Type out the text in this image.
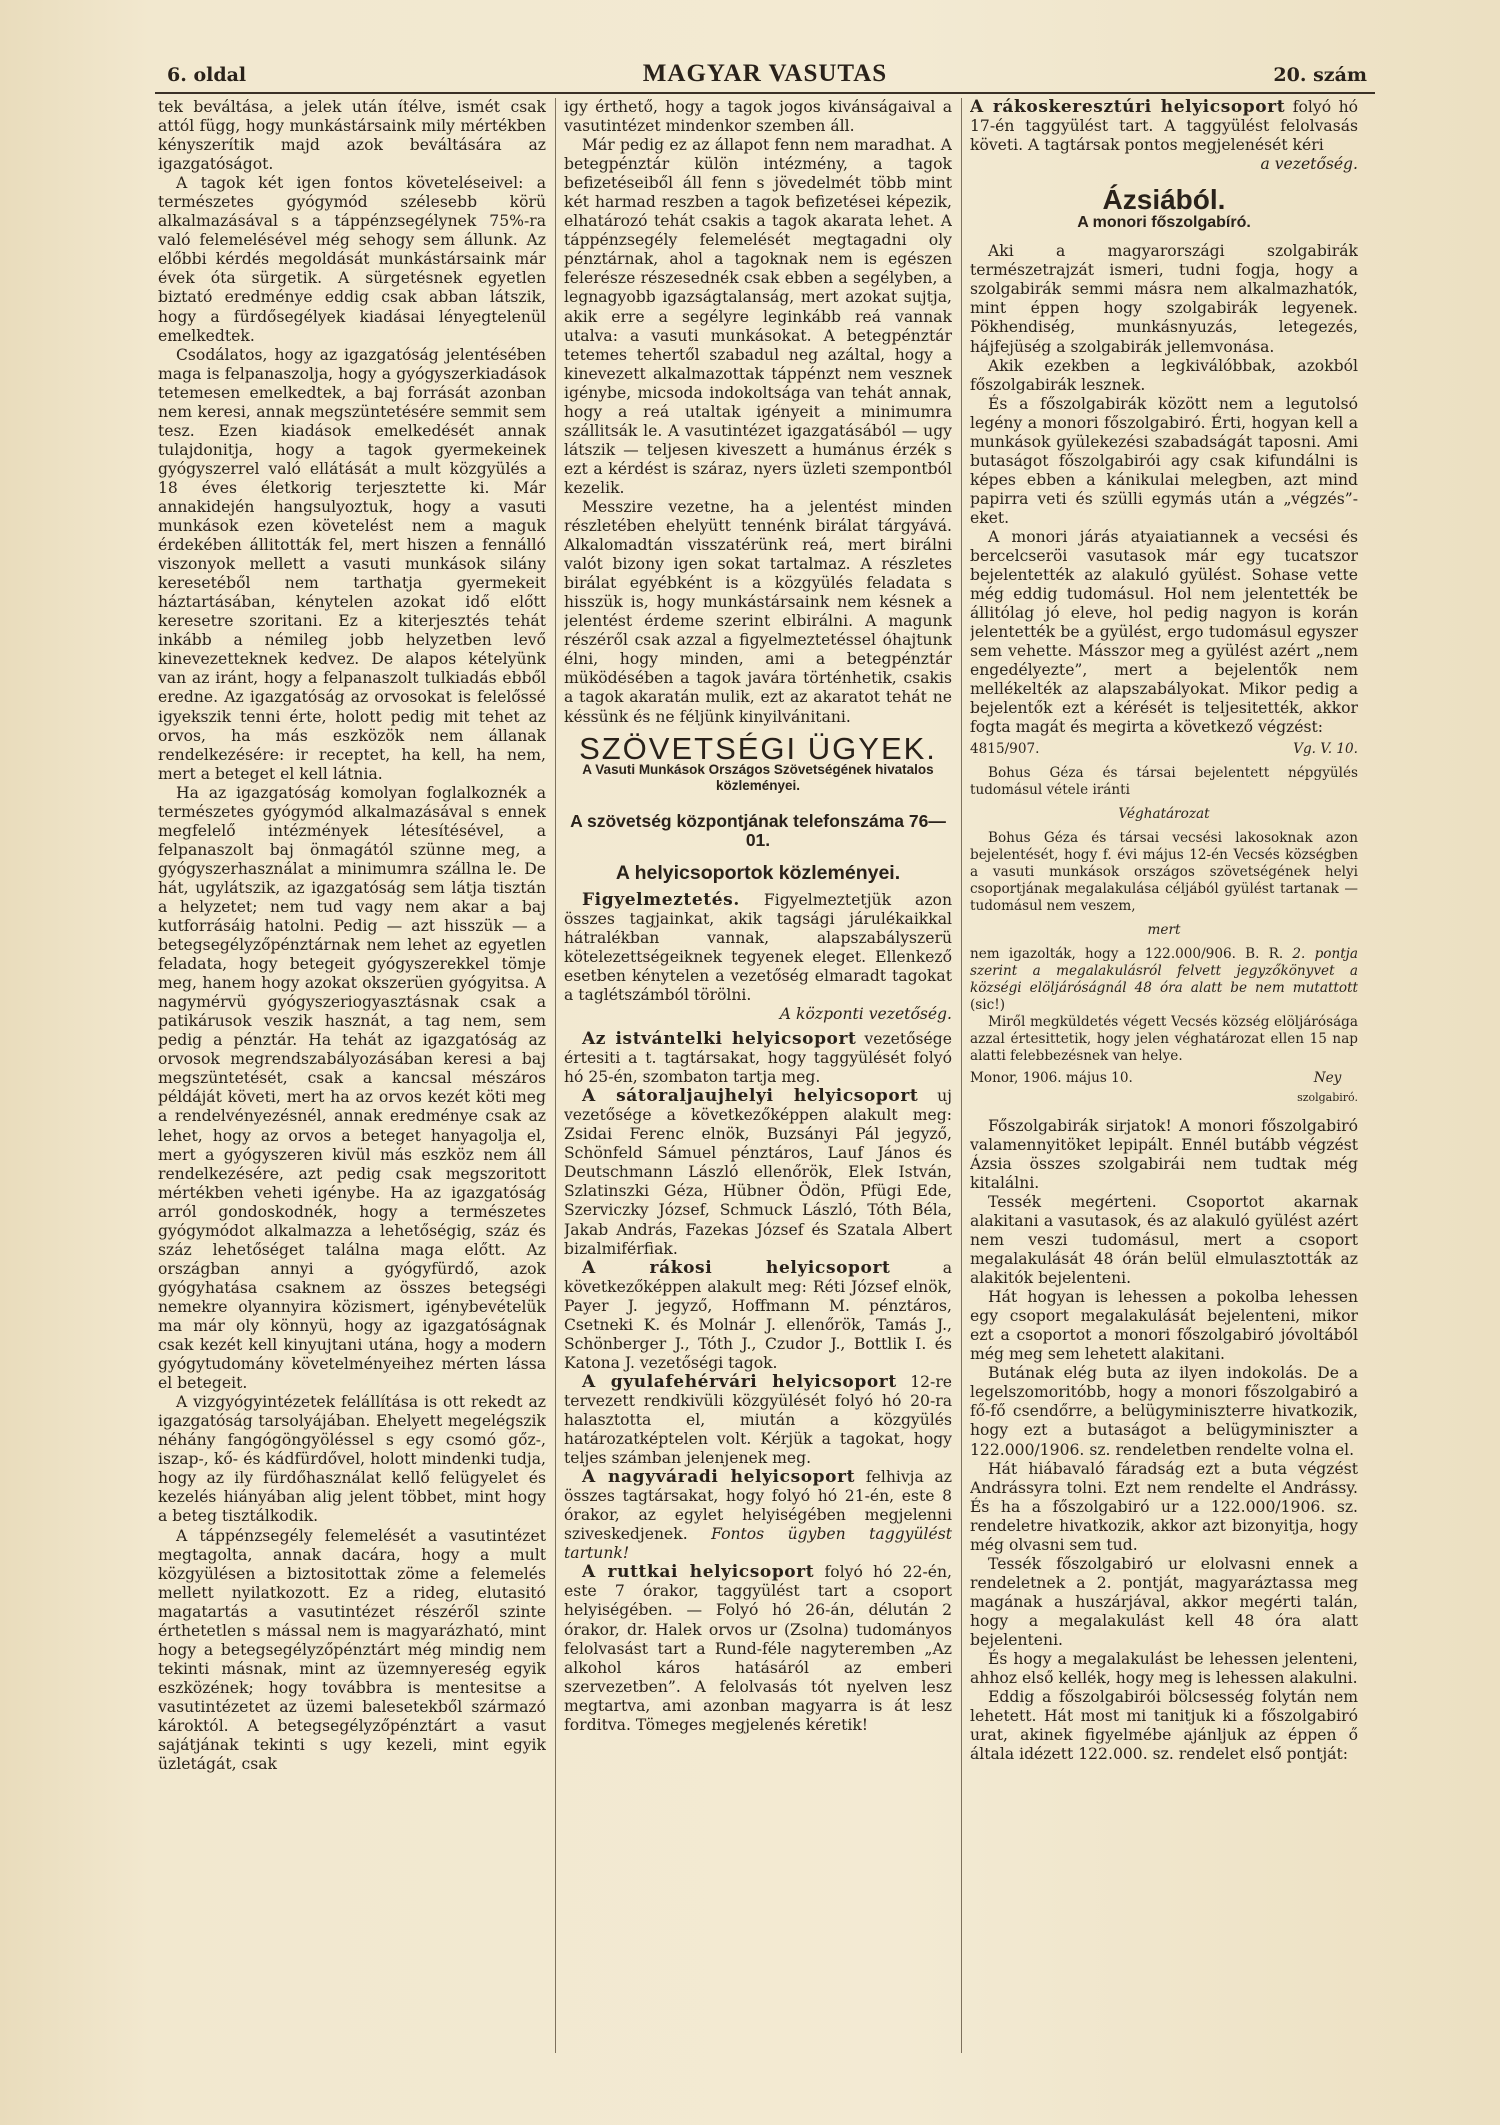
6. oldal	MAGYAR VASUTAS	20. szám

tek beváltása, a jelek után ítélve, ismét csak attól függ, hogy munkástársaink mily mértékben kényszerítik majd azok beváltására az igazgatóságot.

A tagok két igen fontos követeléseivel: a természetes gyógymód szélesebb körü alkalmazásával s a táppénzsegélynek 75%-ra való felemelésével még sehogy sem állunk. Az előbbi kérdés megoldását munkástársaink már évek óta sürgetik. A sürgetésnek egyetlen biztató eredménye eddig csak abban látszik, hogy a fürdősegélyek kiadásai lényegtelenül emelkedtek.

Csodálatos, hogy az igazgatóság jelentésében maga is felpanaszolja, hogy a gyógyszerkiadások tetemesen emelkedtek, a baj forrását azonban nem keresi, annak megszüntetésére semmit sem tesz. Ezen kiadások emelkedését annak tulajdonitja, hogy a tagok gyermekeinek gyógyszerrel való ellátását a mult közgyülés a 18 éves életkorig terjesztette ki. Már annakidején hangsulyoztuk, hogy a vasuti munkások ezen követelést nem a maguk érdekében állitották fel, mert hiszen a fennálló viszonyok mellett a vasuti munkások silány keresetéből nem tarthatja gyermekeit háztartásában, kénytelen azokat idő előtt keresetre szoritani. Ez a kiterjesztés tehát inkább a némileg jobb helyzetben levő kinevezetteknek kedvez. De alapos kételyünk van az iránt, hogy a felpanaszolt tulkiadás ebből eredne. Az igazgatóság az orvosokat is felelőssé igyekszik tenni érte, holott pedig mit tehet az orvos, ha más eszközök nem állanak rendelkezésére: ir receptet, ha kell, ha nem, mert a beteget el kell látnia.

Ha az igazgatóság komolyan foglalkoznék a természetes gyógymód alkalmazásával s ennek megfelelő intézmények létesítésével, a felpanaszolt baj önmagától szünne meg, a gyógyszerhasználat a minimumra szállna le. De hát, ugylátszik, az igazgatóság sem látja tisztán a helyzetet; nem tud vagy nem akar a baj kutforrásáig hatolni. Pedig — azt hisszük — a betegsegélyzőpénztárnak nem lehet az egyetlen feladata, hogy betegeit gyógyszerekkel tömje meg, hanem hogy azokat okszerüen gyógyitsa. A nagymérvü gyógyszeriogyasztásnak csak a patikárusok veszik hasznát, a tag nem, sem pedig a pénztár. Ha tehát az igazgatóság az orvosok megrendszabályozásában keresi a baj megszüntetését, csak a kancsal mészáros példáját követi, mert ha az orvos kezét köti meg a rendelvényezésnél, annak eredménye csak az lehet, hogy az orvos a beteget hanyagolja el, mert a gyógyszeren kivül más eszköz nem áll rendelkezésére, azt pedig csak megszoritott mértékben veheti igénybe. Ha az igazgatóság arról gondoskodnék, hogy a természetes gyógymódot alkalmazza a lehetőségig, száz és száz lehetőséget találna maga előtt. Az országban annyi a gyógyfürdő, azok gyógyhatása csaknem az összes betegségi nemekre olyannyira közismert, igénybevételük ma már oly könnyü, hogy az igazgatóságnak csak kezét kell kinyujtani utána, hogy a modern gyógytudomány követelményeihez mérten lássa el betegeit.

A vizgyógyintézetek felállítása is ott rekedt az igazgatóság tarsolyájában. Ehelyett megelégszik néhány fangógöngyöléssel s egy csomó gőz-, iszap-, kő- és kádfürdővel, holott mindenki tudja, hogy az ily fürdőhasználat kellő felügyelet és kezelés hiányában alig jelent többet, mint hogy a beteg tisztálkodik.

A táppénzsegély felemelését a vasutintézet megtagolta, annak dacára, hogy a mult közgyülésen a biztositottak zöme a felemelés mellett nyilatkozott. Ez a rideg, elutasitó magatartás a vasutintézet részéről szinte érthetetlen s mással nem is magyarázható, mint hogy a betegsegélyzőpénztárt még mindig nem tekinti másnak, mint az üzemnyereség egyik eszközének; hogy továbbra is mentesitse a vasutintézetet az üzemi balesetekből származó károktól. A betegsegélyzőpénztárt a vasut sajátjának tekinti s ugy kezeli, mint egyik üzletágát, csak

igy érthető, hogy a tagok jogos kivánságaival a vasutintézet mindenkor szemben áll.

Már pedig ez az állapot fenn nem maradhat. A betegpénztár külön intézmény, a tagok befizetéseiből áll fenn s jövedelmét több mint két harmad reszben a tagok befizetései képezik, elhatározó tehát csakis a tagok akarata lehet. A táppénzsegély felemelését megtagadni oly pénztárnak, ahol a tagoknak nem is egészen felerésze részesednék csak ebben a segélyben, a legnagyobb igazságtalanság, mert azokat sujtja, akik erre a segélyre leginkább reá vannak utalva: a vasuti munkásokat. A betegpénztár tetemes tehertől szabadul neg azáltal, hogy a kinevezett alkalmazottak táppénzt nem vesznek igénybe, micsoda indokoltsága van tehát annak, hogy a reá utaltak igényeit a minimumra szállitsák le. A vasutintézet igazgatásából — ugy látszik — teljesen kiveszett a humánus érzék s ezt a kérdést is száraz, nyers üzleti szempontból kezelik.

Messzire vezetne, ha a jelentést minden részletében ehelyütt tennénk birálat tárgyává. Alkalomadtán visszatérünk reá, mert birálni valót bizony igen sokat tartalmaz. A részletes birálat egyébként is a közgyülés feladata s hisszük is, hogy munkástársaink nem késnek a jelentést érdeme szerint elbirálni. A magunk részéről csak azzal a figyelmeztetéssel óhajtunk élni, hogy minden, ami a betegpénztár müködésében a tagok javára történhetik, csakis a tagok akaratán mulik, ezt az akaratot tehát ne késsünk és ne féljünk kinyilvánitani.

SZÖVETSÉGI ÜGYEK.
A Vasuti Munkások Országos Szövetségének hivatalos közleményei.
A szövetség központjának telefonszáma 76—01.
A helyicsoportok közleményei.

Figyelmeztetés. Figyelmeztetjük azon összes tagjainkat, akik tagsági járulékaikkal hátralékban vannak, alapszabályszerü kötelezettségeiknek tegyenek eleget. Ellenkező esetben kénytelen a vezetőség elmaradt tagokat a taglétszámból törölni.

A központi vezetőség.

Az istvántelki helyicsoport vezetősége értesiti a t. tagtársakat, hogy taggyülését folyó hó 25-én, szombaton tartja meg.

A sátoraljaujhelyi helyicsoport uj vezetősége a következőképpen alakult meg: Zsidai Ferenc elnök, Buzsányi Pál jegyző, Schönfeld Sámuel pénztáros, Lauf János és Deutschmann László ellenőrök, Elek István, Szlatinszki Géza, Hübner Ödön, Pfügi Ede, Szerviczky József, Schmuck László, Tóth Béla, Jakab András, Fazekas József és Szatala Albert bizalmiférfiak.

A rákosi helyicsoport	a következőképpen alakult meg: Réti József elnök, Payer J. jegyző, Hoffmann M. pénztáros, Csetneki K. és Molnár J. ellenőrök, Tamás J., Schönberger J., Tóth J., Czudor J., Bottlik I. és Katona J. vezetőségi tagok.

A gyulafehérvári helyicsoport 12-re tervezett rendkivüli közgyülését folyó hó 20-ra halasztotta el, miután a közgyülés határozatképtelen volt. Kérjük a tagokat, hogy teljes számban jelenjenek meg.

A nagyváradi helyicsoport felhivja az összes tagtársakat, hogy folyó hó 21-én, este 8 órakor, az egylet helyiségében megjelenni sziveskedjenek. Fontos ügyben taggyülést tartunk!

A ruttkai helyicsoport folyó hó 22-én, este 7 órakor, taggyülést tart a csoport helyiségében. — Folyó hó 26-án, délután 2 órakor, dr. Halek orvos ur (Zsolna) tudományos felolvasást tart a Rund-féle nagyteremben „Az alkohol káros hatásáról az emberi szervezetben”. A felolvasás tót nyelven lesz megtartva, ami azonban magyarra is át lesz forditva. Tömeges megjelenés kéretik!

A rákoskeresztúri helyicsoport folyó hó 17-én taggyülést tart. A taggyülést felolvasás követi. A tagtársak pontos megjelenését kéri

a vezetőség.
Ázsiából.
A monori főszolgabíró.

Aki a magyarországi szolgabirák természetrajzát ismeri, tudni fogja, hogy a szolgabirák semmi másra nem alkalmazhatók, mint éppen hogy szolgabirák legyenek. Pökhendiség, munkásnyuzás, letegezés, hájfejüség a szolgabirák jellemvonása.

Akik ezekben a legkiválóbbak, azokból főszolgabirák lesznek.

És a főszolgabirák között nem a legutolsó legény a monori főszolgabiró. Érti, hogyan kell a munkások gyülekezési szabadságát taposni. Ami butaságot főszolgabirói agy csak kifundálni is képes ebben a kánikulai melegben, azt mind papirra veti és szülli egymás után a „végzés”-eket.

A monori járás atyaiatiannek a vecsési és bercelcseröi vasutasok már egy tucatszor bejelentették az alakuló gyülést. Sohase vette még eddig tudomásul. Hol nem jelentették be állitólag jó eleve, hol pedig nagyon is korán jelentették be a gyülést, ergo tudomásul egyszer sem vehette. Másszor meg a gyülést azért „nem engedélyezte”, mert a bejelentők nem mellékelték az alapszabályokat. Mikor pedig a bejelentők ezt a kérését is teljesitették, akkor fogta magát és megirta a következő végzést:

4815/907.	Vg. V. 10.

Bohus Géza és társai bejelentett népgyülés tudomásul vétele iránti

Véghatározat

Bohus Géza és társai vecsési lakosoknak azon bejelentését, hogy f. évi május 12-én Vecsés községben a vasuti munkások országos szövetségének helyi csoportjának megalakulása céljából gyülést tartanak — tudomásul nem veszem,

mert

nem igazolták, hogy a 122.000/906. B. R. 2. pontja szerint a megalakulásról felvett jegyzőkönyvet a községi elöljáróságnál 48 óra alatt be nem mutattott (sic!)

Miről megküldetés végett Vecsés község elöljárósága azzal értesittetik, hogy jelen véghatározat ellen 15 nap alatti felebbezésnek van helye.

Monor, 1906. május 10.	Ney
szolgabiró.

Főszolgabirák sirjatok! A monori főszolgabiró valamennyitöket lepipált. Ennél butább végzést Ázsia összes szolgabirái nem tudtak még kitalálni.

Tessék megérteni. Csoportot akarnak alakitani a vasutasok, és az alakuló gyülést azért nem veszi tudomásul, mert a csoport megalakulását 48 órán belül elmulasztották az alakitók bejelenteni.

Hát hogyan is lehessen a pokolba lehessen egy csoport megalakulását bejelenteni, mikor ezt a csoportot a monori főszolgabiró jóvoltából még meg sem lehetett alakitani.

Butának elég buta az ilyen indokolás. De a legelszomoritóbb, hogy a monori főszolgabiró a fő-fő csendőrre, a belügyminiszterre hivatkozik, hogy ezt a butaságot a belügyminiszter a 122.000/1906. sz. rendeletben rendelte volna el.

Hát hiábavaló fáradság ezt a buta végzést Andrássyra tolni. Ezt nem rendelte el Andrássy. És ha a főszolgabiró ur a 122.000/1906. sz. rendeletre hivatkozik, akkor azt bizonyitja, hogy még olvasni sem tud.

Tessék főszolgabiró ur elolvasni ennek a rendeletnek a 2. pontját, magyaráztassa meg magának a huszárjával, akkor megérti talán, hogy a megalakulást kell 48 óra alatt bejelenteni.

És hogy a megalakulást be lehessen jelenteni, ahhoz első kellék, hogy meg is lehessen alakulni.

Eddig a főszolgabirói bölcsesség folytán nem lehetett. Hát most mi tanitjuk ki a főszolgabiró urat, akinek figyelmébe ajánljuk az éppen ő általa idézett 122.000. sz. rendelet első pontját:
